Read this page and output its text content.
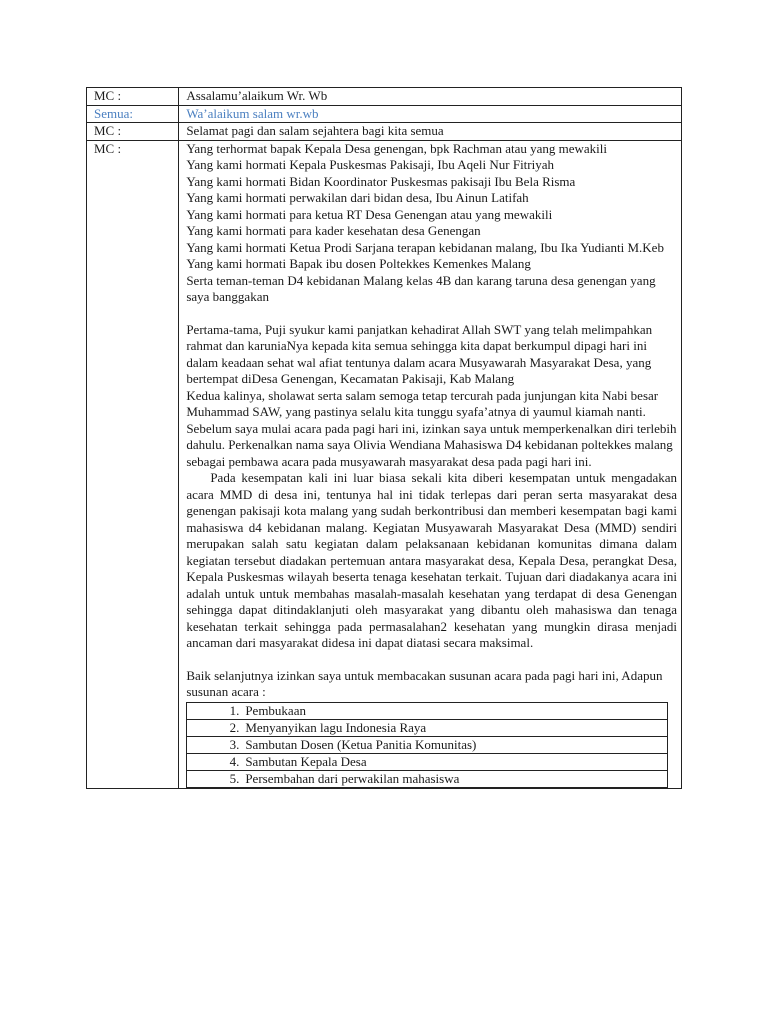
MC :	Assalamu’alaikum Wr. Wb
Semua:	Wa’alaikum salam wr.wb
MC :	Selamat pagi dan salam sejahtera bagi kita semua
MC :	Yang terhormat bapak Kepala Desa genengan, bpk Rachman atau yang mewakili

Yang kami hormati Kepala Puskesmas Pakisaji, Ibu Aqeli Nur Fitriyah

Yang kami hormati Bidan Koordinator Puskesmas pakisaji Ibu Bela Risma

Yang kami hormati perwakilan dari bidan desa, Ibu Ainun Latifah

Yang kami hormati para ketua RT Desa Genengan atau yang mewakili

Yang kami hormati para kader kesehatan desa Genengan

Yang kami hormati Ketua Prodi Sarjana terapan kebidanan malang, Ibu Ika Yudianti M.Keb

Yang kami hormati Bapak ibu dosen Poltekkes Kemenkes Malang

Serta teman-teman D4 kebidanan Malang kelas 4B dan karang taruna desa genengan yang saya banggakan

Pertama-tama, Puji syukur kami panjatkan kehadirat Allah SWT yang telah melimpahkan rahmat dan karuniaNya kepada kita semua sehingga kita dapat berkumpul dipagi hari ini dalam keadaan sehat wal afiat tentunya dalam acara Musyawarah Masyarakat Desa, yang bertempat diDesa Genengan, Kecamatan Pakisaji, Kab Malang

Kedua kalinya, sholawat serta salam semoga tetap tercurah pada junjungan kita Nabi besar Muhammad SAW, yang pastinya selalu kita tunggu syafa’atnya di yaumul kiamah nanti.

Sebelum saya mulai acara pada pagi hari ini, izinkan saya untuk memperkenalkan diri terlebih dahulu. Perkenalkan nama saya Olivia Wendiana Mahasiswa D4 kebidanan poltekkes malang sebagai pembawa acara pada musyawarah masyarakat desa pada pagi hari ini.

Pada kesempatan kali ini luar biasa sekali kita diberi kesempatan untuk mengadakan acara MMD di desa ini, tentunya hal ini tidak terlepas dari peran serta masyarakat desa genengan pakisaji kota malang yang sudah berkontribusi dan memberi kesempatan bagi kami mahasiswa d4 kebidanan malang. Kegiatan Musyawarah Masyarakat Desa (MMD) sendiri merupakan salah satu kegiatan dalam pelaksanaan kebidanan komunitas dimana dalam kegiatan tersebut diadakan pertemuan antara masyarakat desa, Kepala Desa, perangkat Desa, Kepala Puskesmas wilayah beserta tenaga kesehatan terkait. Tujuan dari diadakanya acara ini adalah untuk untuk membahas masalah-masalah kesehatan yang terdapat di desa Genengan sehingga dapat ditindaklanjuti oleh masyarakat yang dibantu oleh mahasiswa dan tenaga kesehatan terkait sehingga pada permasalahan2 kesehatan yang mungkin dirasa menjadi ancaman dari masyarakat didesa ini dapat diatasi secara maksimal.

Baik selanjutnya izinkan saya untuk membacakan susunan acara pada pagi hari ini, Adapun susunan acara :

1. Pembukaan
2. Menyanyikan lagu Indonesia Raya
3. Sambutan Dosen (Ketua Panitia Komunitas)
4. Sambutan Kepala Desa
5. Persembahan dari perwakilan mahasiswa
